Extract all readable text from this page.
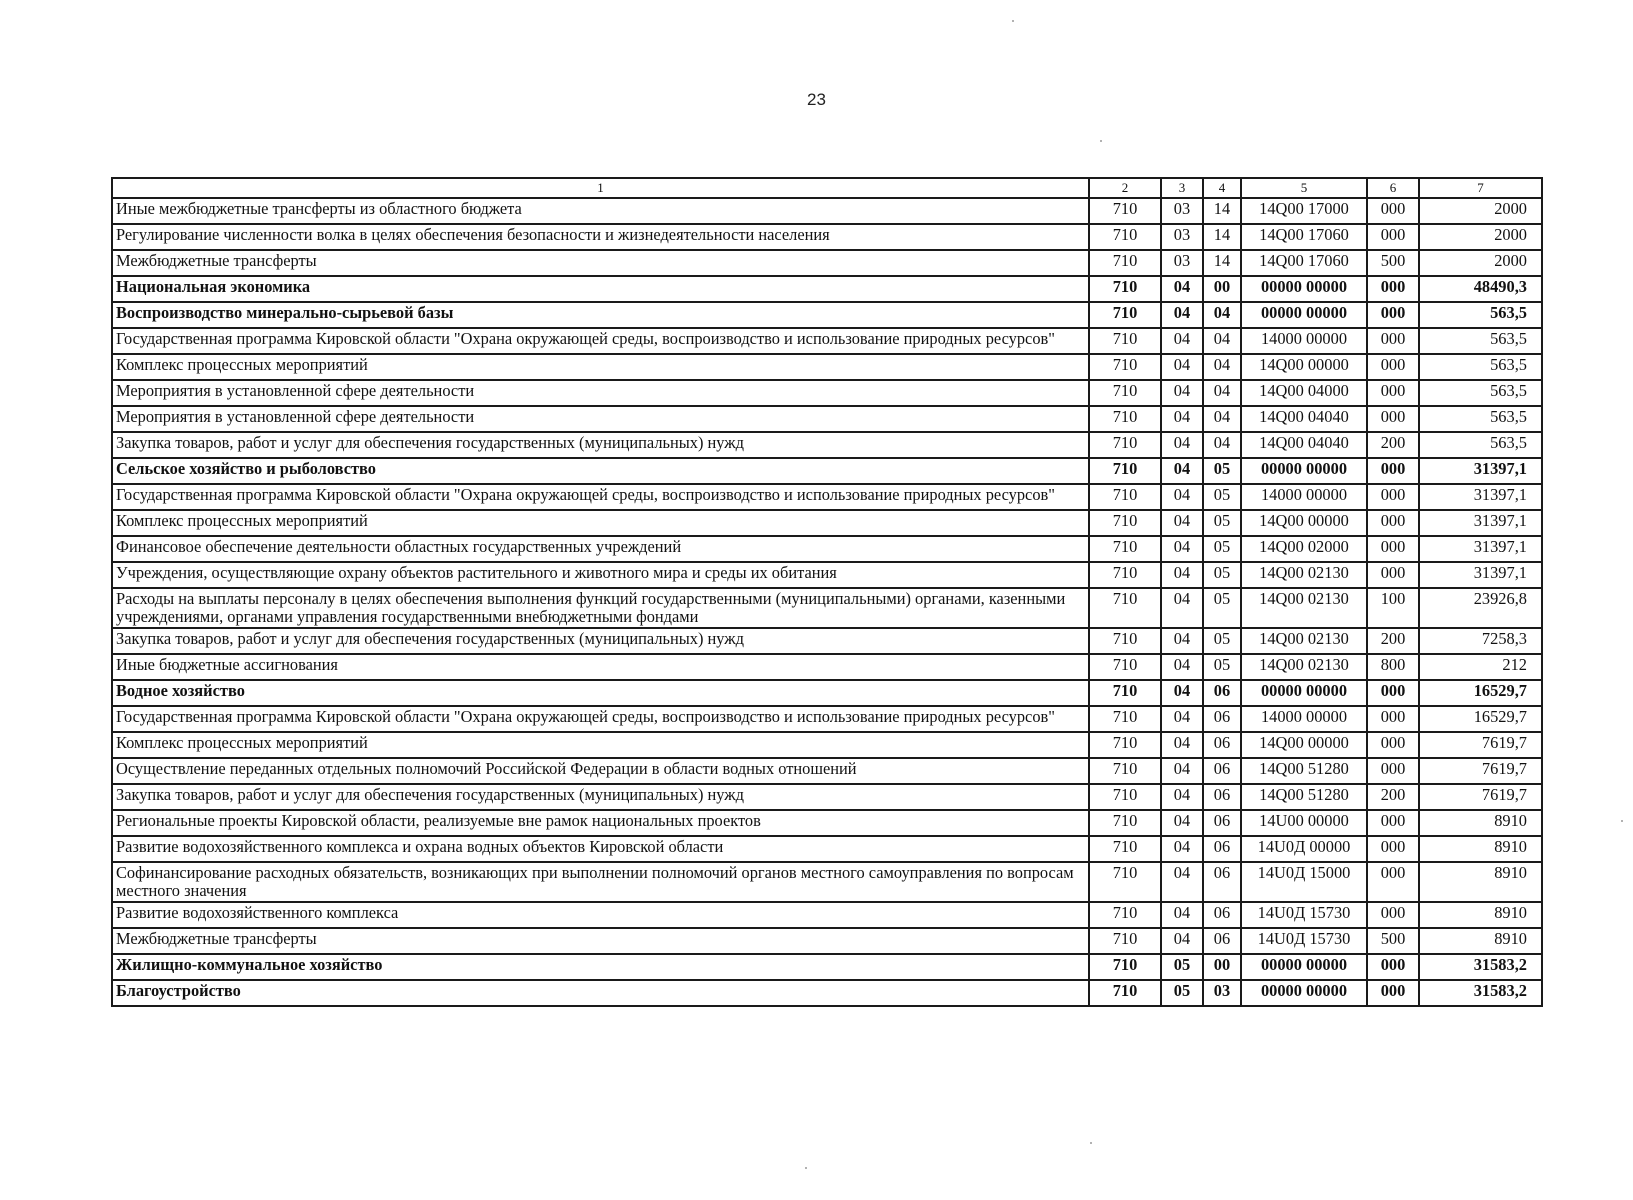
23
1	2	3	4	5	6	7
Иные межбюджетные трансферты из областного бюджета	710	03	14	14Q00 17000	000	2000
Регулирование численности волка в целях обеспечения безопасности и жизнедеятельности населения	710	03	14	14Q00 17060	000	2000
Межбюджетные трансферты	710	03	14	14Q00 17060	500	2000
Национальная экономика	710	04	00	00000 00000	000	48490,3
Воспроизводство минерально-сырьевой базы	710	04	04	00000 00000	000	563,5
Государственная программа Кировской области "Охрана окружающей среды, воспроизводство и использование природных ресурсов"	710	04	04	14000 00000	000	563,5
Комплекс процессных мероприятий	710	04	04	14Q00 00000	000	563,5
Мероприятия в установленной сфере деятельности	710	04	04	14Q00 04000	000	563,5
Мероприятия в установленной сфере деятельности	710	04	04	14Q00 04040	000	563,5
Закупка товаров, работ и услуг для обеспечения государственных (муниципальных) нужд	710	04	04	14Q00 04040	200	563,5
Сельское хозяйство и рыболовство	710	04	05	00000 00000	000	31397,1
Государственная программа Кировской области "Охрана окружающей среды, воспроизводство и использование природных ресурсов"	710	04	05	14000 00000	000	31397,1
Комплекс процессных мероприятий	710	04	05	14Q00 00000	000	31397,1
Финансовое обеспечение деятельности областных государственных учреждений	710	04	05	14Q00 02000	000	31397,1
Учреждения, осуществляющие охрану объектов растительного и животного мира и среды их обитания	710	04	05	14Q00 02130	000	31397,1
Расходы на выплаты персоналу в целях обеспечения выполнения функций государственными (муниципальными) органами, казенными учреждениями, органами управления государственными внебюджетными фондами	710	04	05	14Q00 02130	100	23926,8
Закупка товаров, работ и услуг для обеспечения государственных (муниципальных) нужд	710	04	05	14Q00 02130	200	7258,3
Иные бюджетные ассигнования	710	04	05	14Q00 02130	800	212
Водное хозяйство	710	04	06	00000 00000	000	16529,7
Государственная программа Кировской области "Охрана окружающей среды, воспроизводство и использование природных ресурсов"	710	04	06	14000 00000	000	16529,7
Комплекс процессных мероприятий	710	04	06	14Q00 00000	000	7619,7
Осуществление переданных отдельных полномочий Российской Федерации в области водных отношений	710	04	06	14Q00 51280	000	7619,7
Закупка товаров, работ и услуг для обеспечения государственных (муниципальных) нужд	710	04	06	14Q00 51280	200	7619,7
Региональные проекты Кировской области, реализуемые вне рамок национальных проектов	710	04	06	14U00 00000	000	8910
Развитие водохозяйственного комплекса и охрана водных объектов Кировской области	710	04	06	14U0Д 00000	000	8910
Софинансирование расходных обязательств, возникающих при выполнении полномочий органов местного самоуправления по вопросам местного значения	710	04	06	14U0Д 15000	000	8910
Развитие водохозяйственного комплекса	710	04	06	14U0Д 15730	000	8910
Межбюджетные трансферты	710	04	06	14U0Д 15730	500	8910
Жилищно-коммунальное хозяйство	710	05	00	00000 00000	000	31583,2
Благоустройство	710	05	03	00000 00000	000	31583,2
